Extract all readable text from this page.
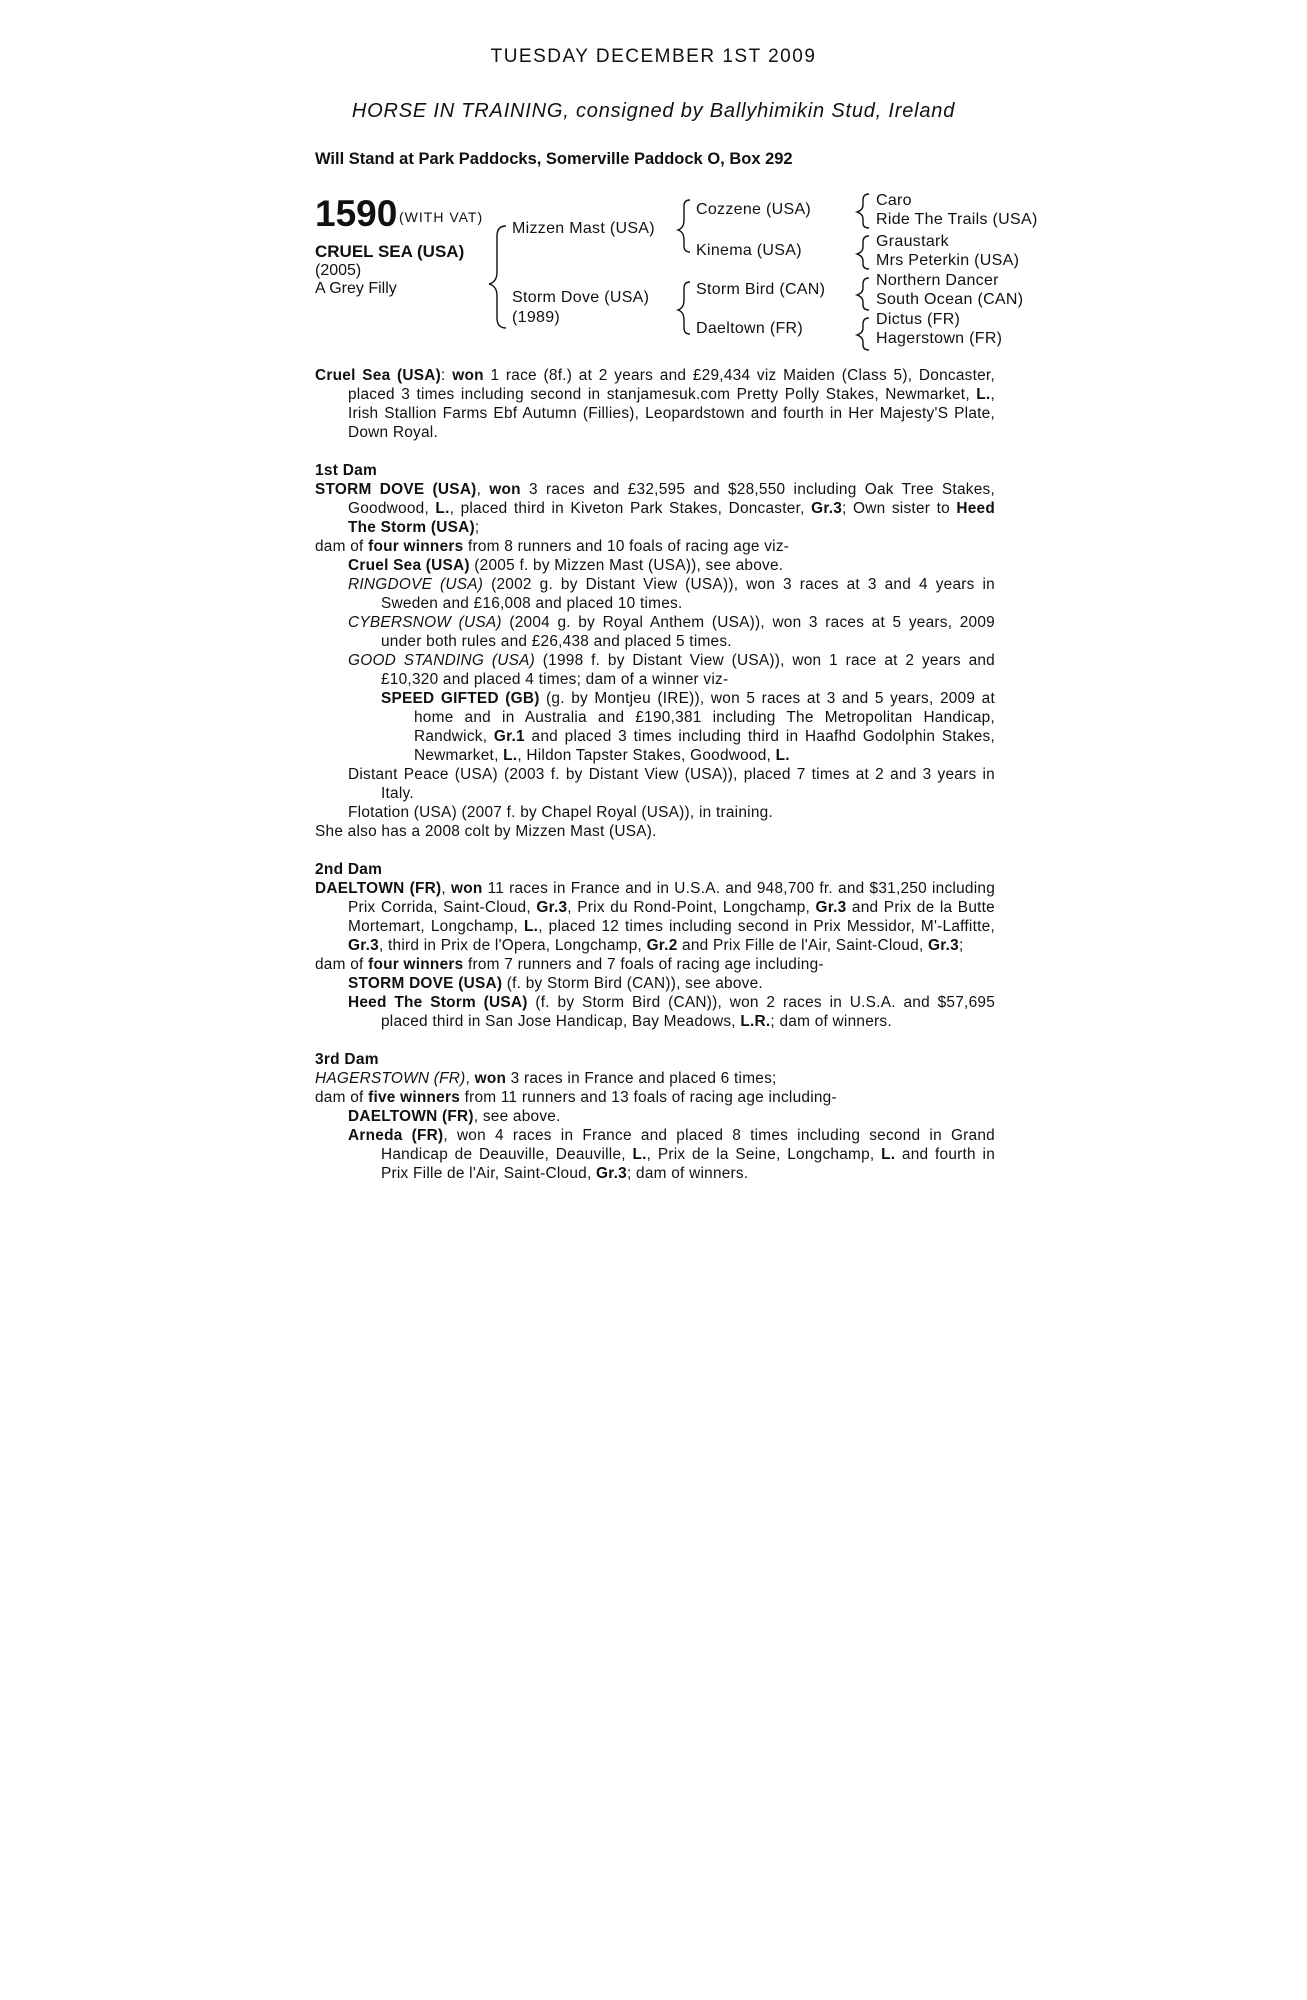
TUESDAY DECEMBER 1ST 2009
HORSE IN TRAINING, consigned by Ballyhimikin Stud, Ireland
Will Stand at Park Paddocks, Somerville Paddock O, Box 292
1590 (WITH VAT)
CRUEL SEA (USA)
(2005)
A Grey Filly
Mizzen Mast (USA)
Storm Dove (USA)
(1989)
Cozzene (USA)
Kinema (USA)
Storm Bird (CAN)
Daeltown (FR)
Caro
Ride The Trails (USA)
Graustark
Mrs Peterkin (USA)
Northern Dancer
South Ocean (CAN)
Dictus (FR)
Hagerstown (FR)
Cruel Sea (USA): won 1 race (8f.) at 2 years and £29,434 viz Maiden (Class 5), Doncaster, placed 3 times including second in stanjamesuk.com Pretty Polly Stakes, Newmarket, L., Irish Stallion Farms Ebf Autumn (Fillies), Leopardstown and fourth in Her Majesty'S Plate, Down Royal.
1st Dam
STORM DOVE (USA), won 3 races and £32,595 and $28,550 including Oak Tree Stakes, Goodwood, L., placed third in Kiveton Park Stakes, Doncaster, Gr.3; Own sister to Heed The Storm (USA);
dam of four winners from 8 runners and 10 foals of racing age viz-
Cruel Sea (USA) (2005 f. by Mizzen Mast (USA)), see above.
RINGDOVE (USA) (2002 g. by Distant View (USA)), won 3 races at 3 and 4 years in Sweden and £16,008 and placed 10 times.
CYBERSNOW (USA) (2004 g. by Royal Anthem (USA)), won 3 races at 5 years, 2009 under both rules and £26,438 and placed 5 times.
GOOD STANDING (USA) (1998 f. by Distant View (USA)), won 1 race at 2 years and £10,320 and placed 4 times; dam of a winner viz-
SPEED GIFTED (GB) (g. by Montjeu (IRE)), won 5 races at 3 and 5 years, 2009 at home and in Australia and £190,381 including The Metropolitan Handicap, Randwick, Gr.1 and placed 3 times including third in Haafhd Godolphin Stakes, Newmarket, L., Hildon Tapster Stakes, Goodwood, L.
Distant Peace (USA) (2003 f. by Distant View (USA)), placed 7 times at 2 and 3 years in Italy.
Flotation (USA) (2007 f. by Chapel Royal (USA)), in training.
She also has a 2008 colt by Mizzen Mast (USA).
2nd Dam
DAELTOWN (FR), won 11 races in France and in U.S.A. and 948,700 fr. and $31,250 including Prix Corrida, Saint-Cloud, Gr.3, Prix du Rond-Point, Longchamp, Gr.3 and Prix de la Butte Mortemart, Longchamp, L., placed 12 times including second in Prix Messidor, M'-Laffitte, Gr.3, third in Prix de l'Opera, Longchamp, Gr.2 and Prix Fille de l'Air, Saint-Cloud, Gr.3;
dam of four winners from 7 runners and 7 foals of racing age including-
STORM DOVE (USA) (f. by Storm Bird (CAN)), see above.
Heed The Storm (USA) (f. by Storm Bird (CAN)), won 2 races in U.S.A. and $57,695 placed third in San Jose Handicap, Bay Meadows, L.R.; dam of winners.
3rd Dam
HAGERSTOWN (FR), won 3 races in France and placed 6 times;
dam of five winners from 11 runners and 13 foals of racing age including-
DAELTOWN (FR), see above.
Arneda (FR), won 4 races in France and placed 8 times including second in Grand Handicap de Deauville, Deauville, L., Prix de la Seine, Longchamp, L. and fourth in Prix Fille de l'Air, Saint-Cloud, Gr.3; dam of winners.
